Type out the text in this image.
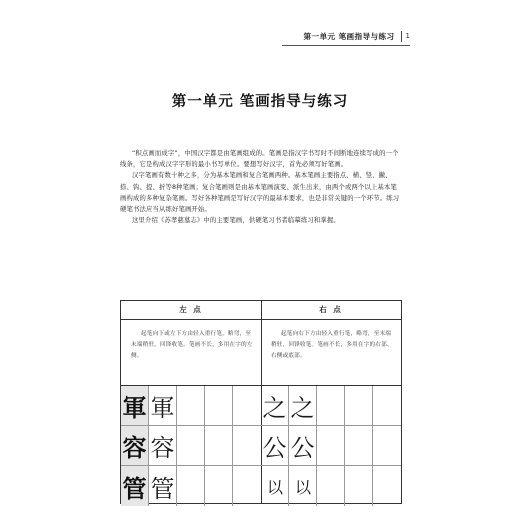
第一单元 笔画指导与练习	1
第一单元 笔画指导与练习

“积点画而成字”，中国汉字都是由笔画组成的。笔画是指汉字书写时不间断地连续写成的一个线条，它是构成汉字字形的最小书写单位。要想写好汉字，首先必须写好笔画。

汉字笔画有数十种之多，分为基本笔画和复合笔画两种。基本笔画主要指点、横、竖、撇、捺、钩、提、折等8种笔画；复合笔画则是由基本笔画演变、派生出来，由两个或两个以上基本笔画构成的多种复杂笔画。写好各种笔画是写好汉字的最基本要求，也是非常关键的一个环节。练习硬笔书法应当从练好笔画开始。

这里介绍《苏孝慈墓志》中的主要笔画，供硬笔习书者临摹练习和掌握。

左 点
起笔向下或左下方由轻入重行笔，略弯，至末端稍驻，回锋收笔。笔画不长，多用在字的左侧。
軍 軍
容 容
管 管
右 点
起笔向右下方由轻入重行笔，略弯，至末端稍驻，回锋收笔。笔画不长，多用在字的右部、右侧或底部。
之 之
公 公
以 以
